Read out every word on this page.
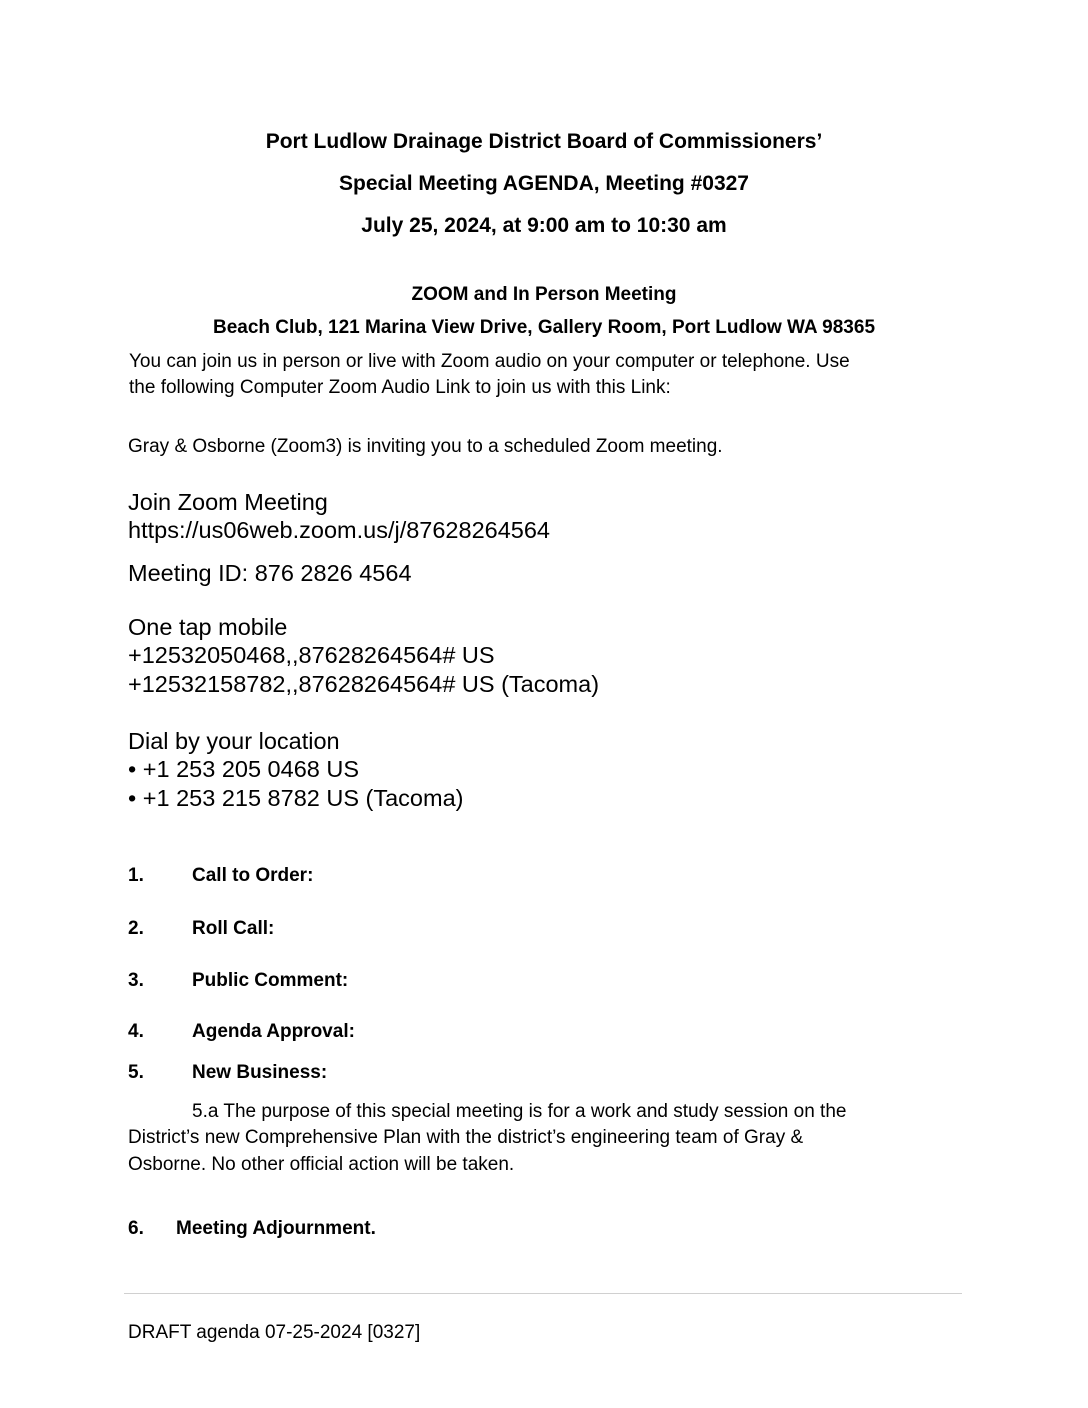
Port Ludlow Drainage District Board of Commissioners’
Special Meeting AGENDA, Meeting #0327
July 25, 2024, at 9:00 am to 10:30 am
ZOOM and In Person Meeting
Beach Club, 121 Marina View Drive, Gallery Room, Port Ludlow WA 98365
You can join us in person or live with Zoom audio on your computer or telephone. Use
the following Computer Zoom Audio Link to join us with this Link:
Gray & Osborne (Zoom3) is inviting you to a scheduled Zoom meeting.
Join Zoom Meeting
https://us06web.zoom.us/j/87628264564
Meeting ID: 876 2826 4564
One tap mobile
+12532050468,,87628264564# US
+12532158782,,87628264564# US (Tacoma)
Dial by your location
• +1 253 205 0468 US
• +1 253 215 8782 US (Tacoma)
1.	Call to Order:
2.	Roll Call:
3.	Public Comment:
4.	Agenda Approval:
5.	New Business:
5.a The purpose of this special meeting is for a work and study session on the
District’s new Comprehensive Plan with the district’s engineering team of Gray &
Osborne. No other official action will be taken.
6. Meeting Adjournment.
DRAFT agenda 07-25-2024 [0327]
